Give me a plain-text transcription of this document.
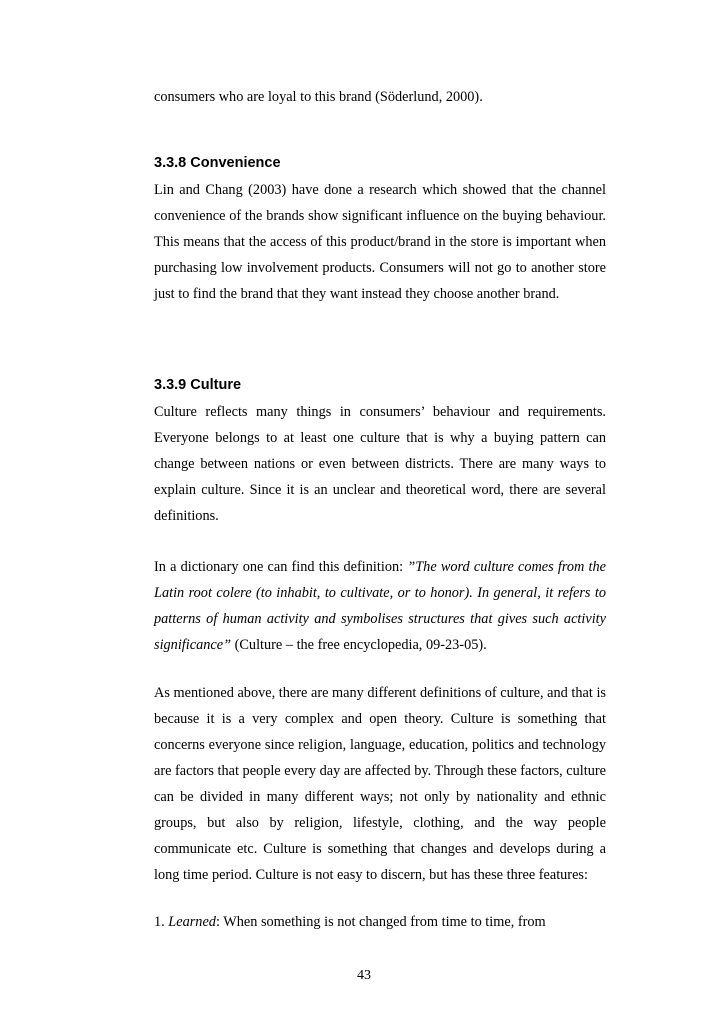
consumers who are loyal to this brand (Söderlund, 2000).

3.3.8 Convenience

Lin and Chang (2003) have done a research which showed that the channel convenience of the brands show significant influence on the buying behaviour. This means that the access of this product/brand in the store is important when purchasing low involvement products. Consumers will not go to another store just to find the brand that they want instead they choose another brand.

3.3.9 Culture

Culture reflects many things in consumers’ behaviour and requirements. Everyone belongs to at least one culture that is why a buying pattern can change between nations or even between districts. There are many ways to explain culture. Since it is an unclear and theoretical word, there are several definitions.

In a dictionary one can find this definition: ”The word culture comes from the Latin root colere (to inhabit, to cultivate, or to honor). In general, it refers to patterns of human activity and symbolises structures that gives such activity significance” (Culture – the free encyclopedia, 09-23-05).

As mentioned above, there are many different definitions of culture, and that is because it is a very complex and open theory. Culture is something that concerns everyone since religion, language, education, politics and technology are factors that people every day are affected by. Through these factors, culture can be divided in many different ways; not only by nationality and ethnic groups, but also by religion, lifestyle, clothing, and the way people communicate etc. Culture is something that changes and develops during a long time period. Culture is not easy to discern, but has these three features:

1. Learned: When something is not changed from time to time, from

43
